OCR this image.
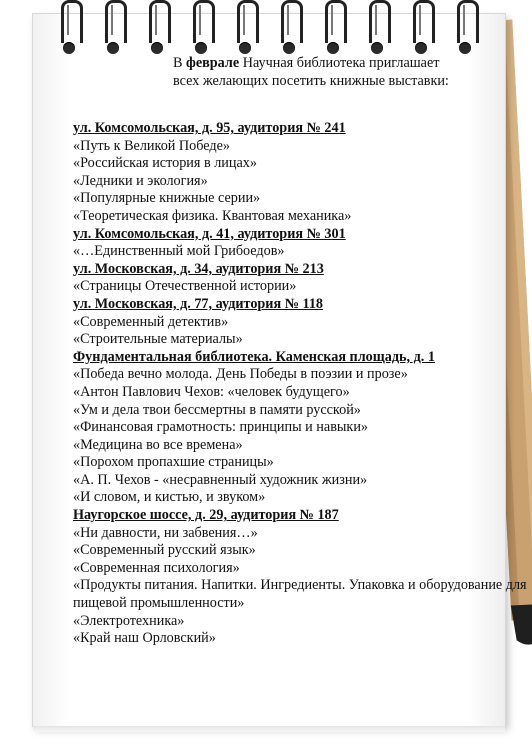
В феврале Научная библиотека приглашает
всех желающих посетить книжные выставки:

ул. Комсомольская, д. 95, аудитория № 241
«Путь к Великой Победе»
«Российская история в лицах»
«Ледники и экология»
«Популярные книжные серии»
«Теоретическая физика. Квантовая механика»
ул. Комсомольская, д. 41, аудитория № 301
«…Единственный мой Грибоедов»
ул. Московская, д. 34, аудитория № 213
«Страницы Отечественной истории»
ул. Московская, д. 77, аудитория № 118
«Современный детектив»
«Строительные материалы»
Фундаментальная библиотека. Каменская площадь, д. 1
«Победа вечно молода. День Победы в поэзии и прозе»
«Антон Павлович Чехов: «человек будущего»
«Ум и дела твои бессмертны в памяти русской»
«Финансовая грамотность: принципы и навыки»
«Медицина во все времена»
«Порохом пропахшие страницы»
«А. П. Чехов - «несравненный художник жизни»
«И словом, и кистью, и звуком»
Наугорское шоссе, д. 29, аудитория № 187
«Ни давности, ни забвения…»
«Современный русский язык»
«Современная психология»
«Продукты питания. Напитки. Ингредиенты. Упаковка и оборудование для пищевой промышленности»
«Электротехника»
«Край наш Орловский»
